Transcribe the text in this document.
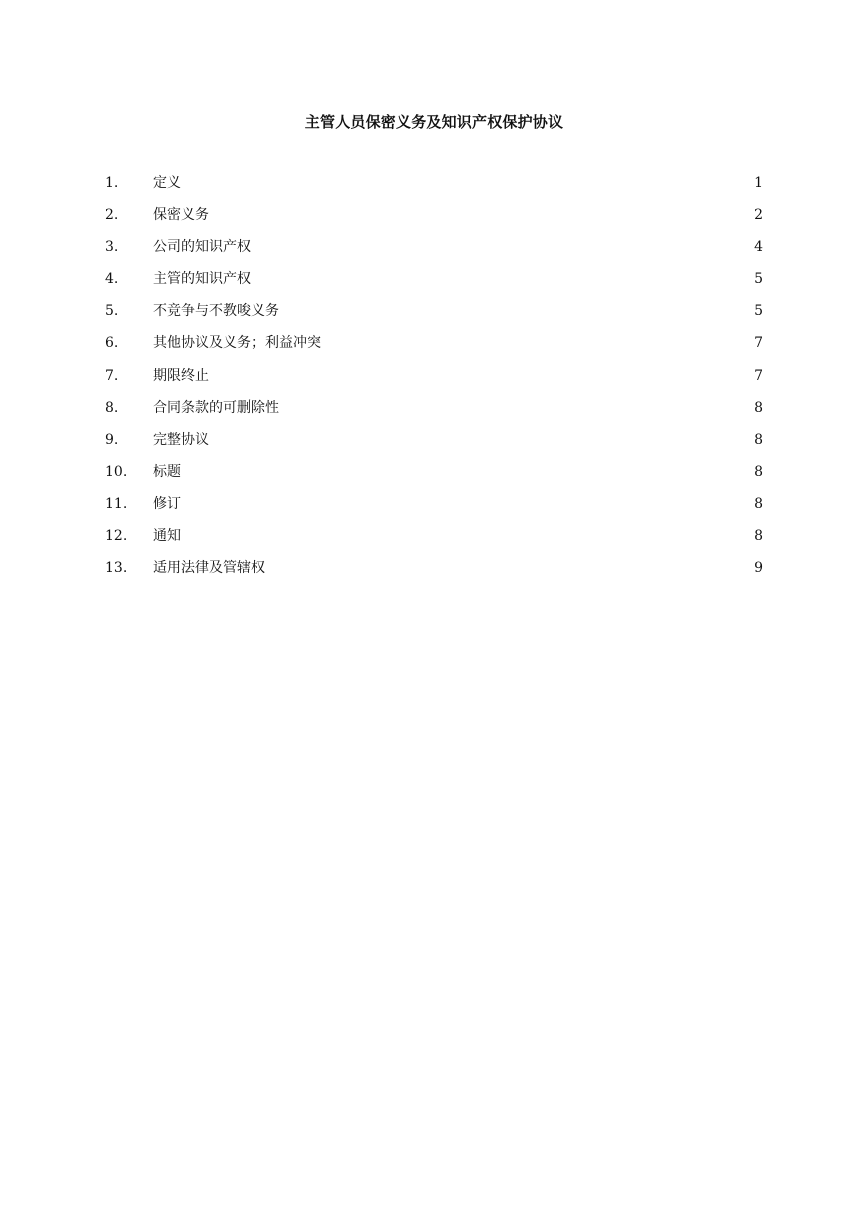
主管人员保密义务及知识产权保护协议
1.	定义	1
2.	保密义务	2
3.	公司的知识产权	4
4.	主管的知识产权	5
5.	不竞争与不教唆义务	5
6.	其他协议及义务；利益冲突	7
7.	期限终止	7
8.	合同条款的可删除性	8
9.	完整协议	8
10.	标题	8
11.	修订	8
12.	通知	8
13.	适用法律及管辖权	9
